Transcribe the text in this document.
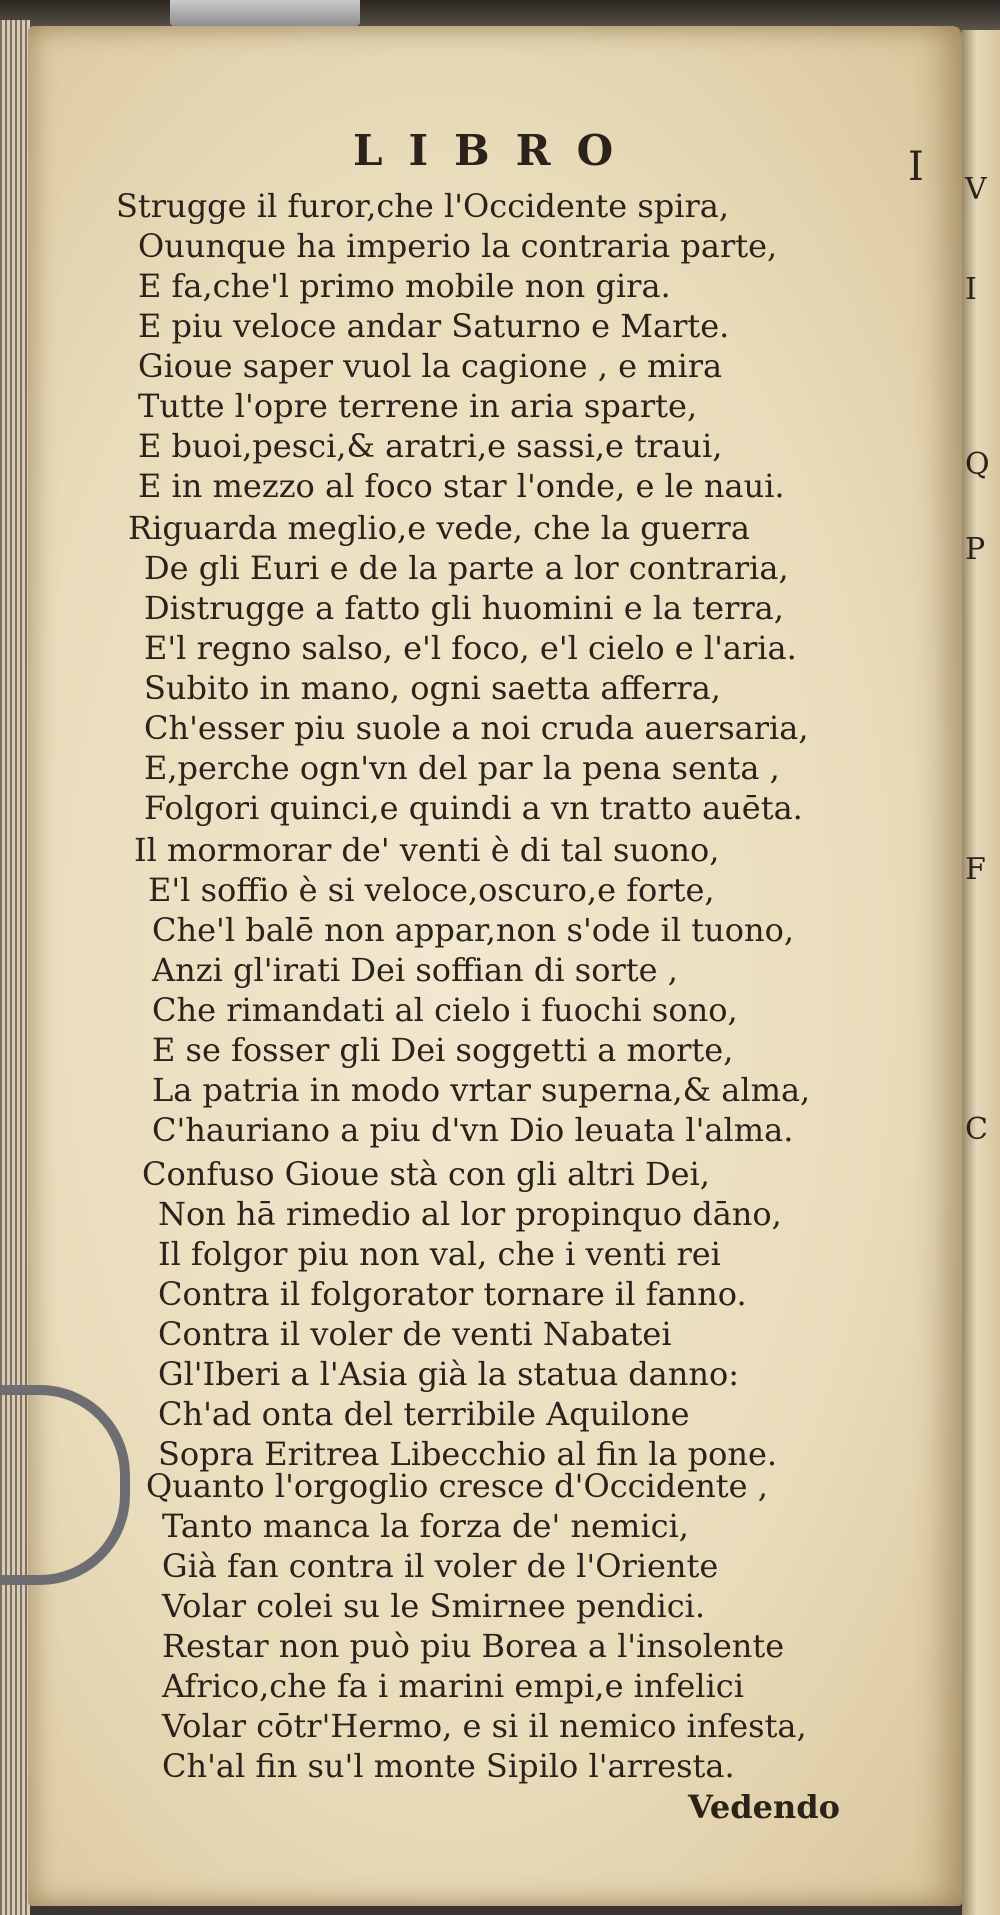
V
I
Q
P
F
C
LIBRO	I
Strugge il furor,che l'Occidente spira,
Ouunque ha imperio la contraria parte,
E fa,che'l primo mobile non gira.
E piu veloce andar Saturno e Marte.
Gioue saper vuol la cagione , e mira
Tutte l'opre terrene in aria sparte,
E buoi,pesci,& aratri,e sassi,e traui,
E in mezzo al foco star l'onde, e le naui.
Riguarda meglio,e vede, che la guerra
De gli Euri e de la parte a lor contraria,
Distrugge a fatto gli huomini e la terra,
E'l regno salso, e'l foco, e'l cielo e l'aria.
Subito in mano, ogni saetta afferra,
Ch'esser piu suole a noi cruda auersaria,
E,perche ogn'vn del par la pena senta ,
Folgori quinci,e quindi a vn tratto auēta.
Il mormorar de' venti è di tal suono,
E'l soffio è si veloce,oscuro,e forte,
Che'l balē non appar,non s'ode il tuono,
Anzi gl'irati Dei soffian di sorte ,
Che rimandati al cielo i fuochi sono,
E se fosser gli Dei soggetti a morte,
La patria in modo vrtar superna,& alma,
C'hauriano a piu d'vn Dio leuata l'alma.
Confuso Gioue stà con gli altri Dei,
Non hā rimedio al lor propinquo dāno,
Il folgor piu non val, che i venti rei
Contra il folgorator tornare il fanno.
Contra il voler de venti Nabatei
Gl'Iberi a l'Asia già la statua danno:
Ch'ad onta del terribile Aquilone
Sopra Eritrea Libecchio al fin la pone.
Quanto l'orgoglio cresce d'Occidente ,
Tanto manca la forza de' nemici,
Già fan contra il voler de l'Oriente
Volar colei su le Smirnee pendici.
Restar non può piu Borea a l'insolente
Africo,che fa i marini empi,e infelici
Volar cōtr'Hermo, e si il nemico infesta,
Ch'al fin su'l monte Sipilo l'arresta.
Vedendo
